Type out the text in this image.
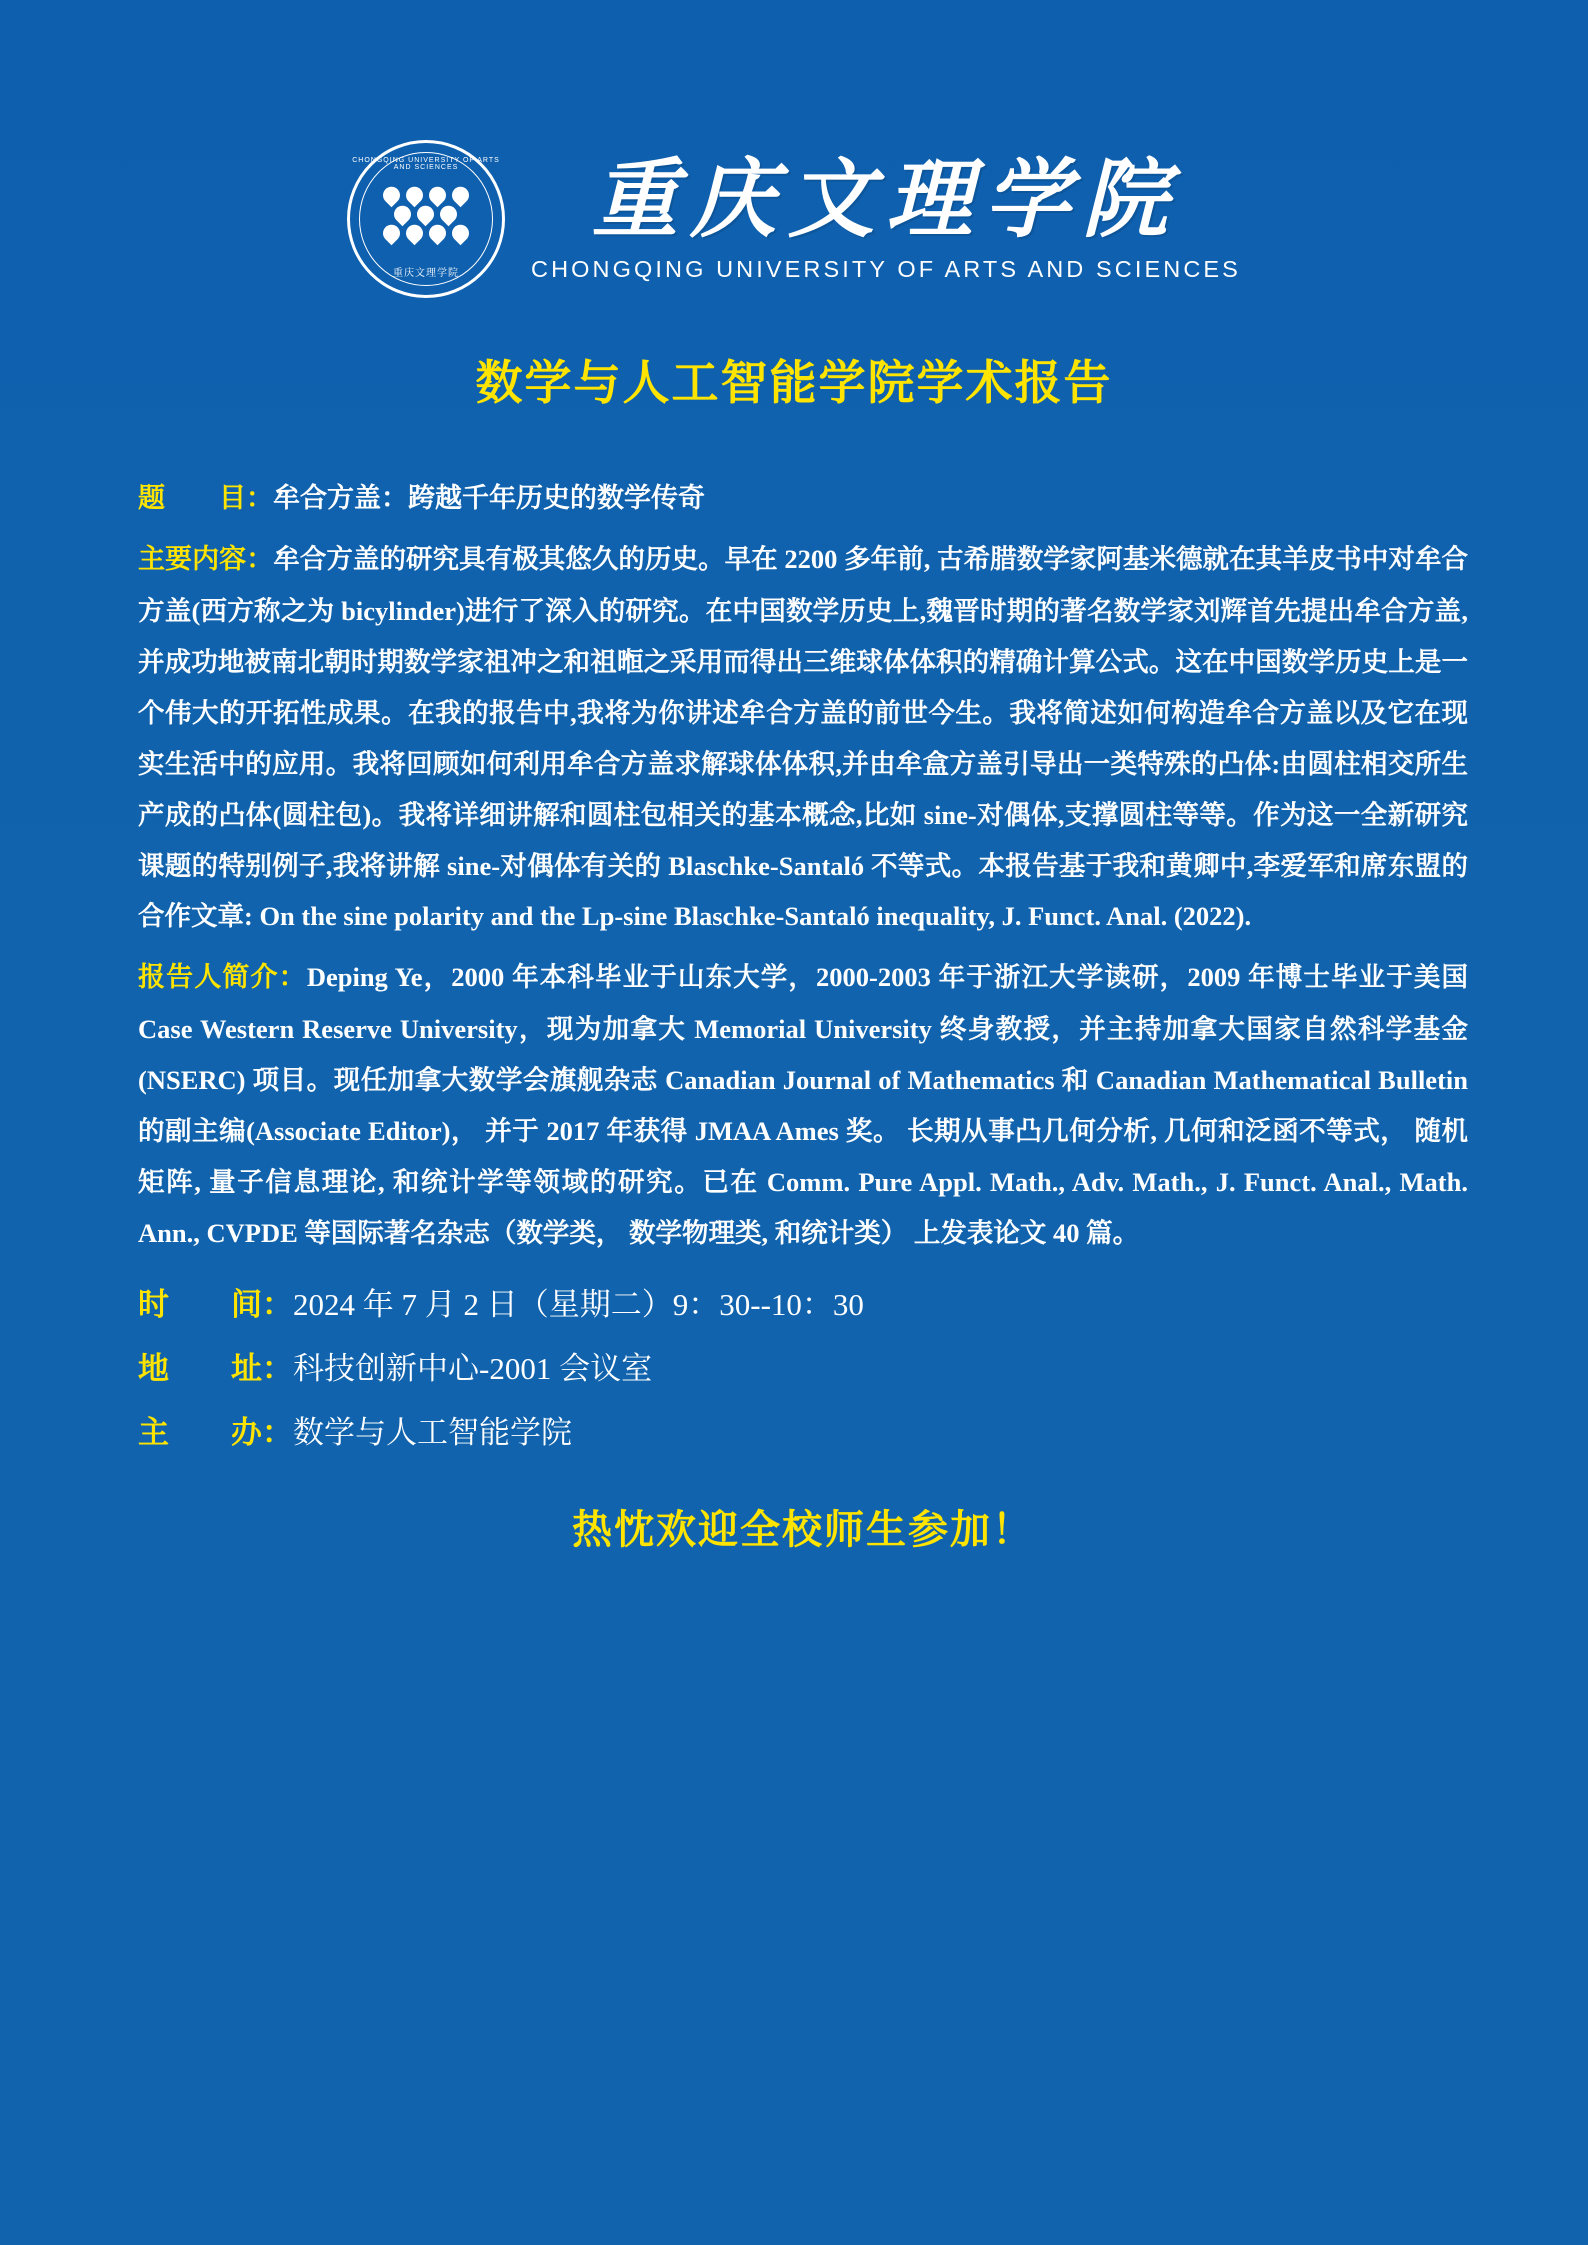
CHONGQING UNIVERSITY OF ARTS AND SCIENCES
重庆文理学院
重庆文理学院
CHONGQING UNIVERSITY OF ARTS AND SCIENCES
数学与人工智能学院学术报告
题　　目：牟合方盖：跨越千年历史的数学传奇
主要内容：牟合方盖的研究具有极其悠久的历史。早在 2200 多年前, 古希腊数学家阿基米德就在其羊皮书中对牟合方盖(西方称之为 bicylinder)进行了深入的研究。在中国数学历史上,魏晋时期的著名数学家刘辉首先提出牟合方盖,并成功地被南北朝时期数学家祖冲之和祖暅之采用而得出三维球体体积的精确计算公式。这在中国数学历史上是一个伟大的开拓性成果。在我的报告中,我将为你讲述牟合方盖的前世今生。我将简述如何构造牟合方盖以及它在现实生活中的应用。我将回顾如何利用牟合方盖求解球体体积,并由牟盒方盖引导出一类特殊的凸体:由圆柱相交所生产成的凸体(圆柱包)。我将详细讲解和圆柱包相关的基本概念,比如 sine-对偶体,支撑圆柱等等。作为这一全新研究课题的特别例子,我将讲解 sine-对偶体有关的 Blaschke-Santaló 不等式。本报告基于我和黄卿中,李爱军和席东盟的合作文章: On the sine polarity and the Lp-sine Blaschke-Santaló inequality, J. Funct. Anal. (2022).
报告人简介：Deping Ye，2000 年本科毕业于山东大学，2000-2003 年于浙江大学读研，2009 年博士毕业于美国 Case Western Reserve University，现为加拿大 Memorial University 终身教授，并主持加拿大国家自然科学基金(NSERC) 项目。现任加拿大数学会旗舰杂志 Canadian Journal of Mathematics 和 Canadian Mathematical Bulletin 的副主编(Associate Editor)， 并于 2017 年获得 JMAA Ames 奖。 长期从事凸几何分析, 几何和泛函不等式， 随机矩阵, 量子信息理论, 和统计学等领域的研究。已在 Comm. Pure Appl. Math., Adv. Math., J. Funct. Anal., Math. Ann., CVPDE 等国际著名杂志（数学类， 数学物理类, 和统计类） 上发表论文 40 篇。
时　　间：2024 年 7 月 2 日（星期二）9：30--10：30
地　　址：科技创新中心-2001 会议室
主　　办：数学与人工智能学院
热忱欢迎全校师生参加！
